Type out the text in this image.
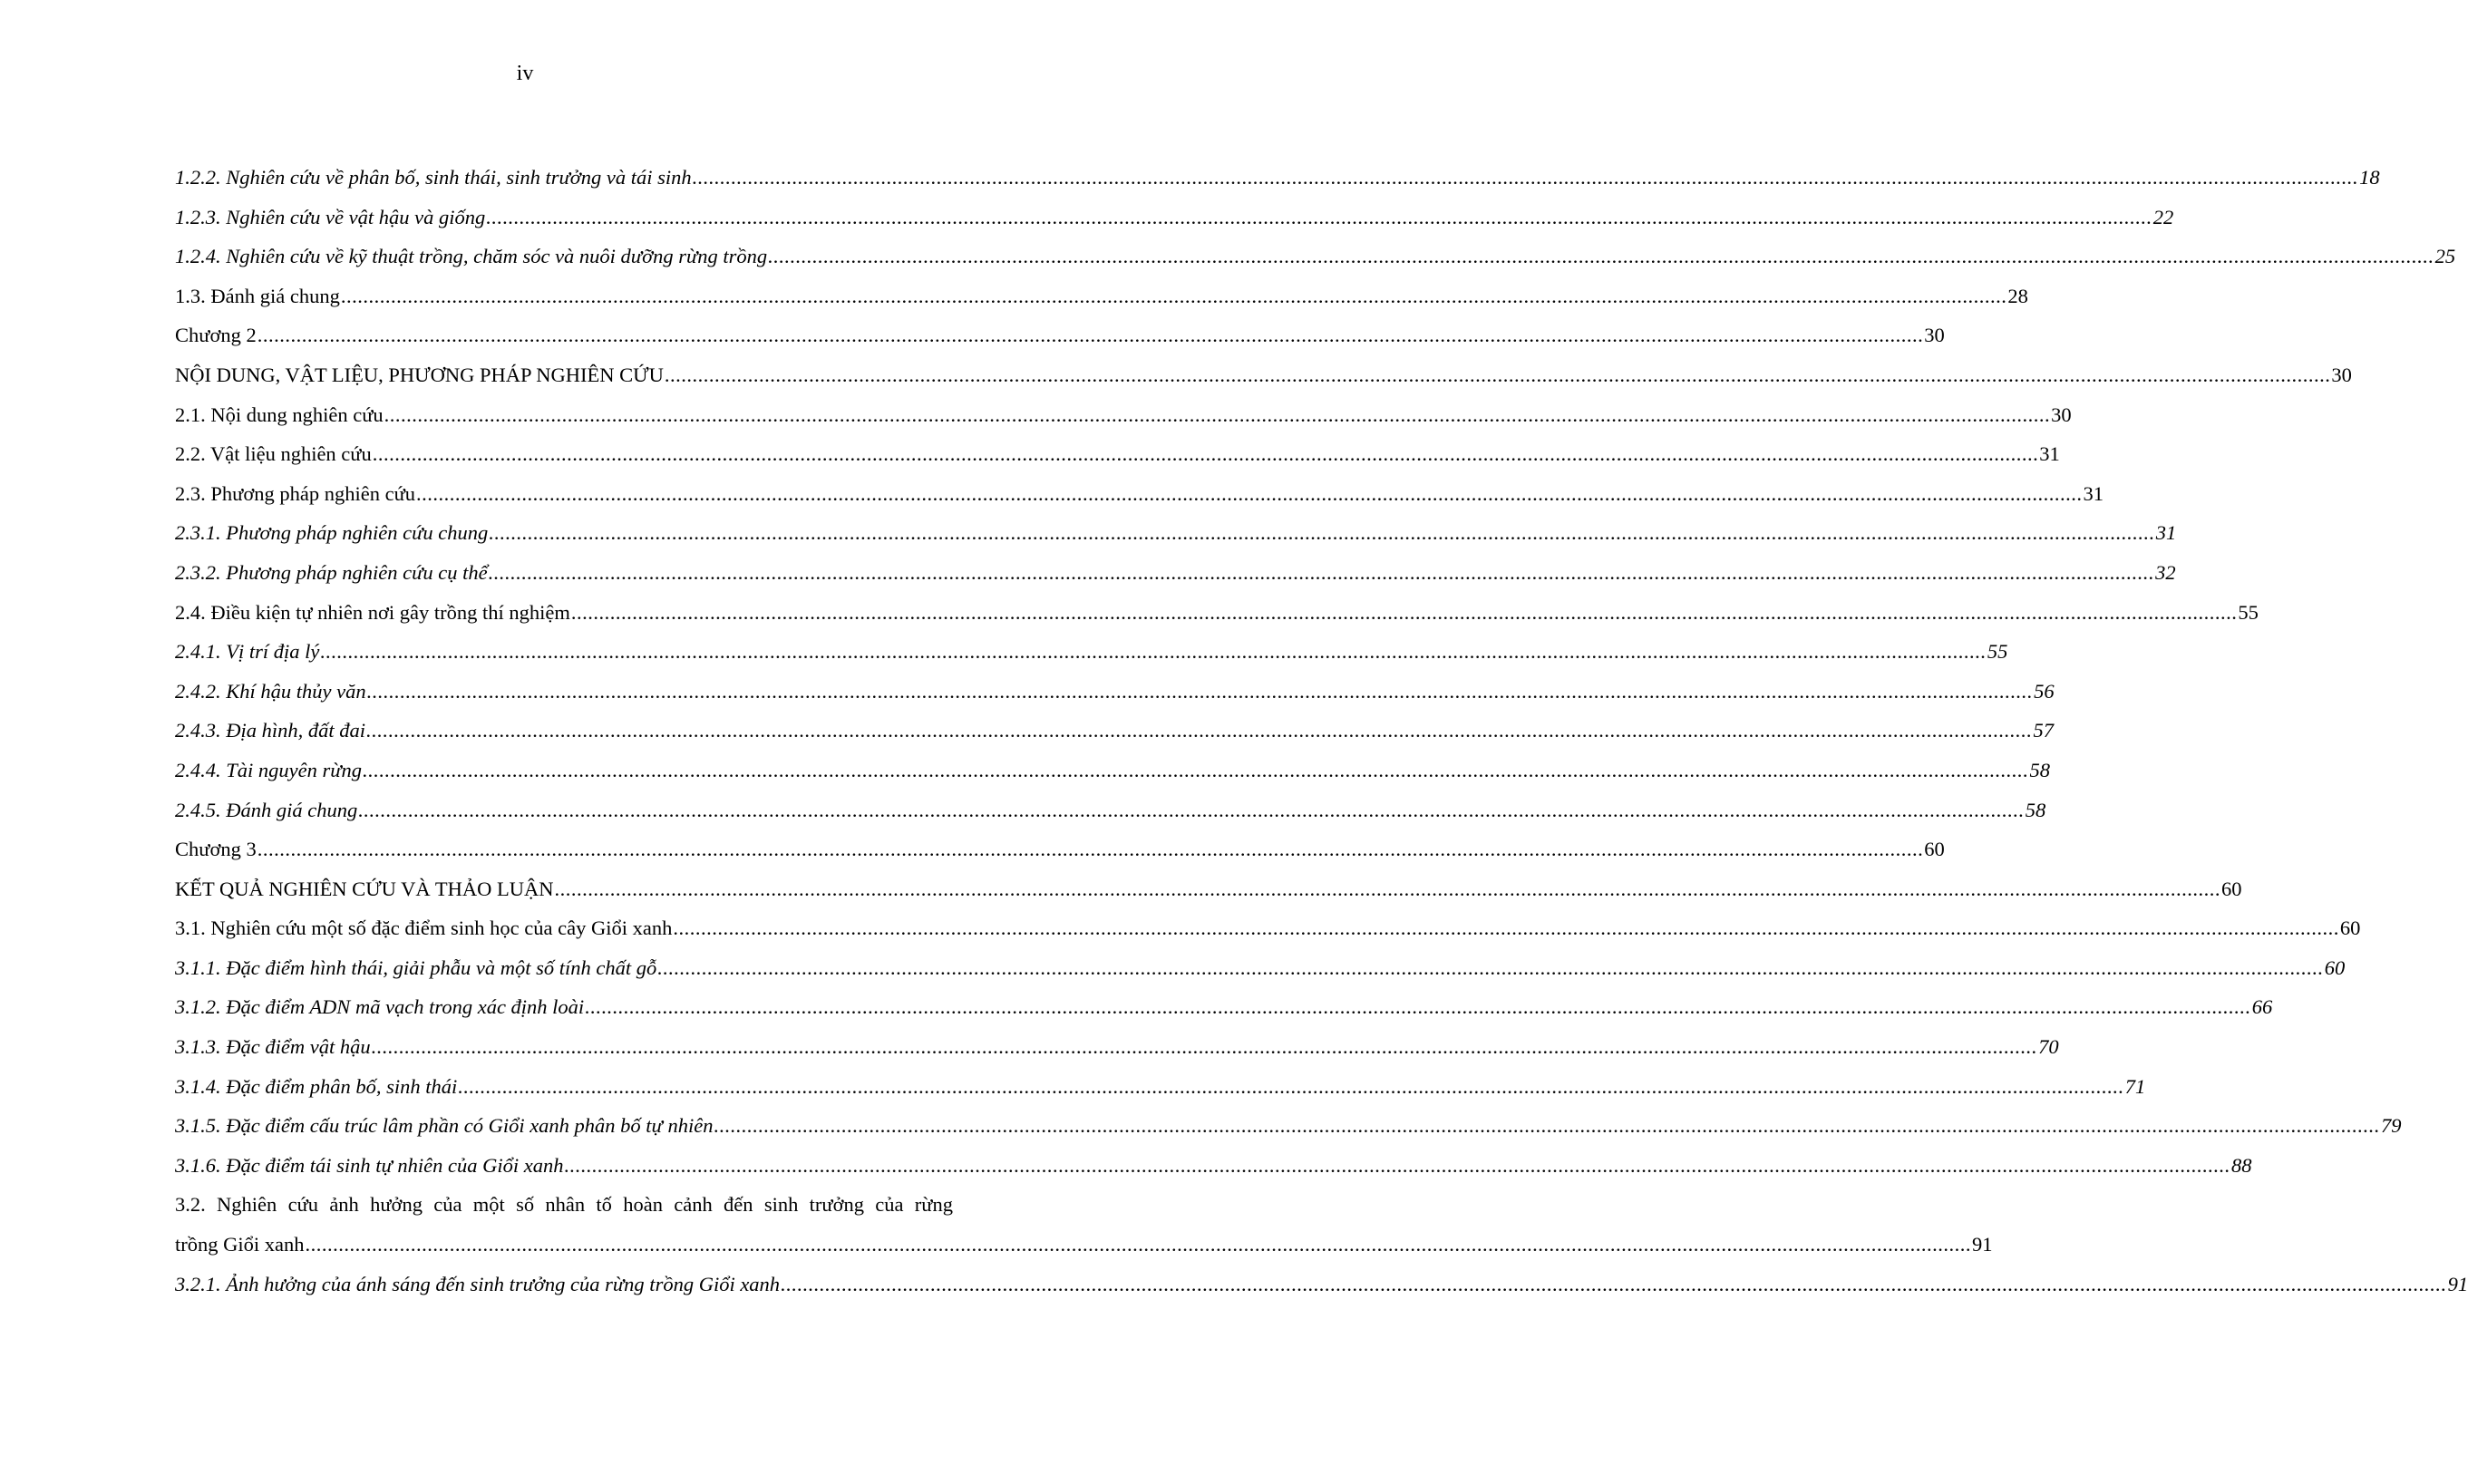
iv
1.2.2. Nghiên cứu về phân bố, sinh thái, sinh trưởng và tái sinh ............................................................................................................................................................................................................................................................................................................ 18
1.2.3. Nghiên cứu về vật hậu và giống ............................................................................................................................................................................................................................................................................................................ 22
1.2.4. Nghiên cứu về kỹ thuật trồng, chăm sóc và nuôi dưỡng rừng trồng ............................................................................................................................................................................................................................................................................................................ 25
1.3. Đánh giá chung ............................................................................................................................................................................................................................................................................................................ 28
Chương 2 ............................................................................................................................................................................................................................................................................................................ 30
NỘI DUNG, VẬT LIỆU, PHƯƠNG PHÁP NGHIÊN CỨU ............................................................................................................................................................................................................................................................................................................ 30
2.1. Nội dung nghiên cứu ............................................................................................................................................................................................................................................................................................................ 30
2.2. Vật liệu nghiên cứu ............................................................................................................................................................................................................................................................................................................ 31
2.3. Phương pháp nghiên cứu ............................................................................................................................................................................................................................................................................................................ 31
2.3.1. Phương pháp nghiên cứu chung ............................................................................................................................................................................................................................................................................................................ 31
2.3.2. Phương pháp nghiên cứu cụ thể ............................................................................................................................................................................................................................................................................................................ 32
2.4. Điều kiện tự nhiên nơi gây trồng thí nghiệm ............................................................................................................................................................................................................................................................................................................ 55
2.4.1. Vị trí địa lý ............................................................................................................................................................................................................................................................................................................ 55
2.4.2. Khí hậu thủy văn ............................................................................................................................................................................................................................................................................................................ 56
2.4.3. Địa hình, đất đai ............................................................................................................................................................................................................................................................................................................ 57
2.4.4. Tài nguyên rừng ............................................................................................................................................................................................................................................................................................................ 58
2.4.5. Đánh giá chung ............................................................................................................................................................................................................................................................................................................ 58
Chương 3 ............................................................................................................................................................................................................................................................................................................ 60
KẾT QUẢ NGHIÊN CỨU VÀ THẢO LUẬN ............................................................................................................................................................................................................................................................................................................ 60
3.1. Nghiên cứu một số đặc điểm sinh học của cây Giổi xanh ............................................................................................................................................................................................................................................................................................................ 60
3.1.1. Đặc điểm hình thái, giải phẫu và một số tính chất gỗ ............................................................................................................................................................................................................................................................................................................ 60
3.1.2. Đặc điểm ADN mã vạch trong xác định loài ............................................................................................................................................................................................................................................................................................................ 66
3.1.3. Đặc điểm vật hậu ............................................................................................................................................................................................................................................................................................................ 70
3.1.4. Đặc điểm phân bố, sinh thái ............................................................................................................................................................................................................................................................................................................ 71
3.1.5. Đặc điểm cấu trúc lâm phần có Giổi xanh phân bố tự nhiên ............................................................................................................................................................................................................................................................................................................ 79
3.1.6. Đặc điểm tái sinh tự nhiên của Giổi xanh ............................................................................................................................................................................................................................................................................................................ 88
3.2. Nghiên cứu ảnh hưởng của một số nhân tố hoàn cảnh đến sinh trưởng của rừng
trồng Giổi xanh ............................................................................................................................................................................................................................................................................................................ 91
3.2.1. Ảnh hưởng của ánh sáng đến sinh trưởng của rừng trồng Giổi xanh ............................................................................................................................................................................................................................................................................................................ 91
